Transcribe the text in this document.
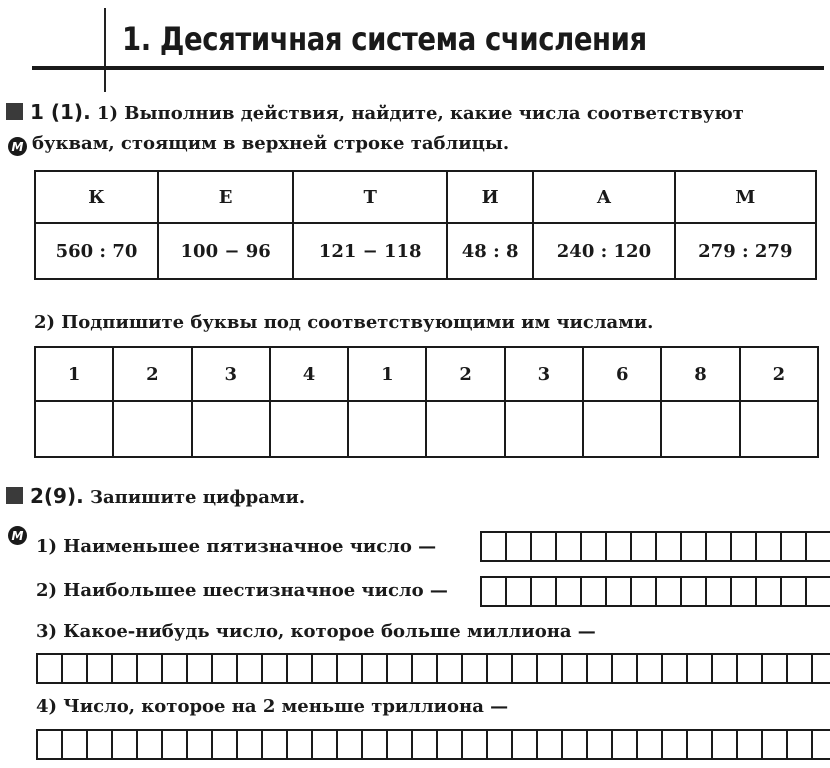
1. Десятичная система счисления
1 (1). 1) Выполнив действия, найдите, какие числа соответствуют
М буквам, стоящим в верхней строке таблицы.
К	Е	Т	И	А	М
560 : 70	100 − 96	121 − 118	48 : 8	240 : 120	279 : 279
2) Подпишите буквы под соответствующими им числами.
1	2	3	4	1	2	3	6	8	2

2(9). Запишите цифрами.
М
1) Наименьшее пятизначное число —
2) Наибольшее шестизначное число —
3) Какое-нибудь число, которое больше миллиона —
4) Число, которое на 2 меньше триллиона —
